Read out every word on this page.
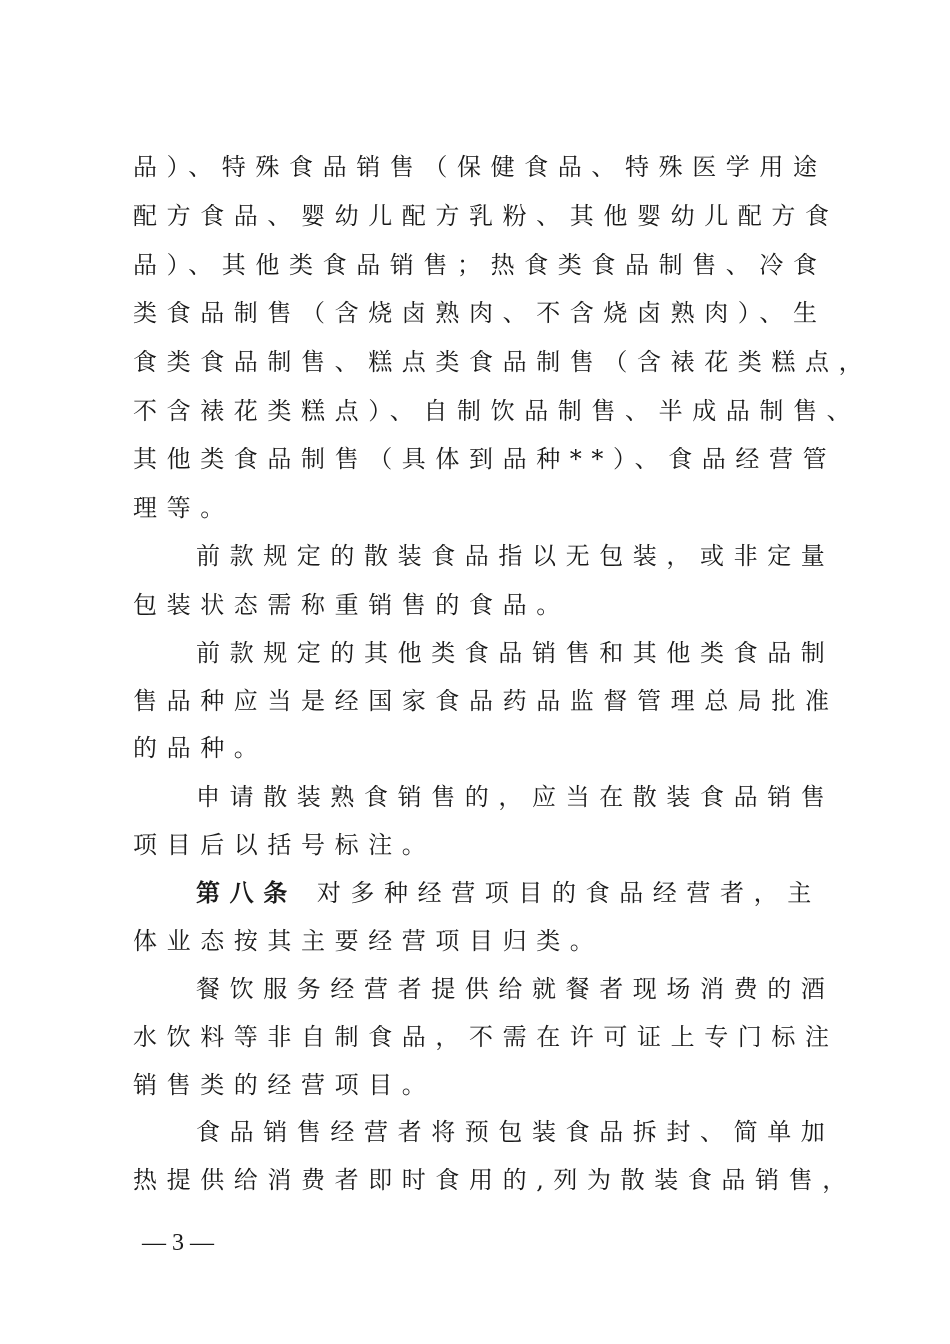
品）、特殊食品销售（保健食品、特殊医学用途
配方食品、婴幼儿配方乳粉、其他婴幼儿配方食
品）、其他类食品销售；热食类食品制售、冷食
类食品制售（含烧卤熟肉、不含烧卤熟肉）、生
食类食品制售、糕点类食品制售（含裱花类糕点，
不含裱花类糕点）、自制饮品制售、半成品制售、
其他类食品制售（具体到品种**）、食品经营管
理等。
前款规定的散装食品指以无包装，或非定量
包装状态需称重销售的食品。
前款规定的其他类食品销售和其他类食品制
售品种应当是经国家食品药品监督管理总局批准
的品种。
申请散装熟食销售的，应当在散装食品销售
项目后以括号标注。
第八条 对多种经营项目的食品经营者，主
体业态按其主要经营项目归类。
餐饮服务经营者提供给就餐者现场消费的酒
水饮料等非自制食品，不需在许可证上专门标注
销售类的经营项目。
食品销售经营者将预包装食品拆封、简单加
热提供给消费者即时食用的,列为散装食品销售，
— 3 —
